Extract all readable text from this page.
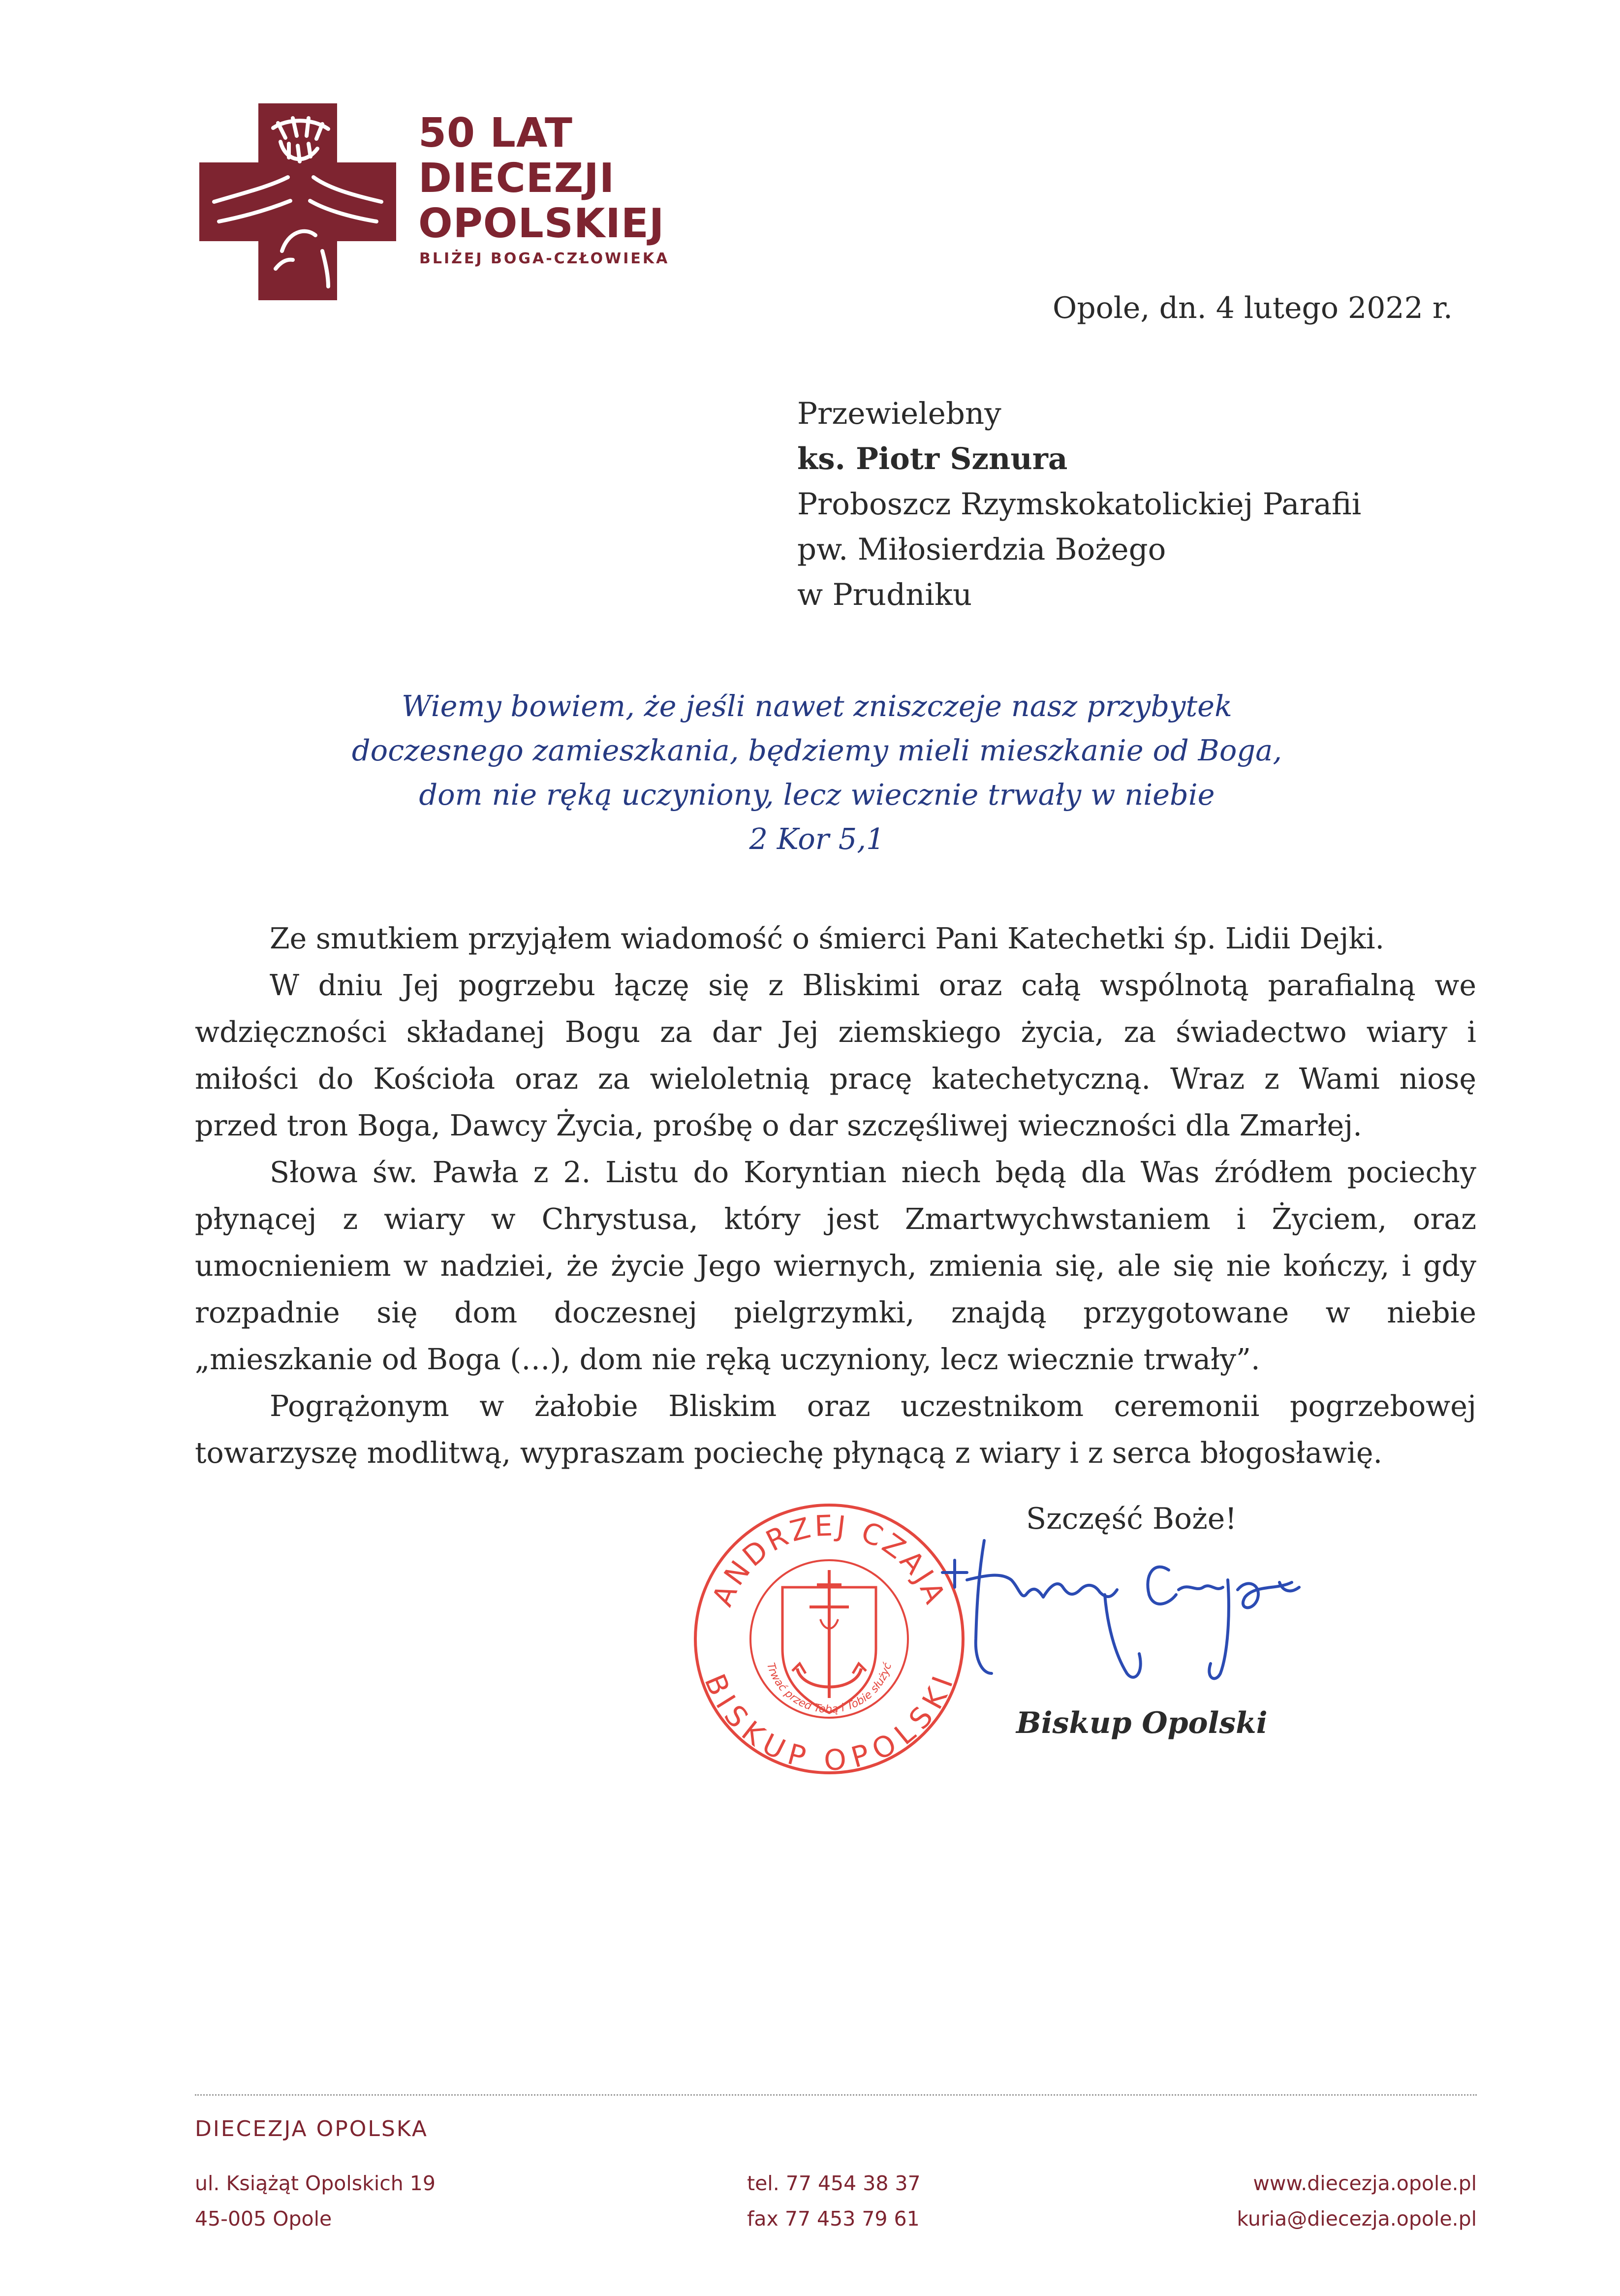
50 LAT
DIECEZJI
OPOLSKIEJ
BLIŻEJ BOGA-CZŁOWIEKA
Opole, dn. 4 lutego 2022 r.
Przewielebny
ks. Piotr Sznura
Proboszcz Rzymskokatolickiej Parafii
pw. Miłosierdzia Bożego
w Prudniku
Wiemy bowiem, że jeśli nawet zniszczeje nasz przybytek
doczesnego zamieszkania, będziemy mieli mieszkanie od Boga,
dom nie ręką uczyniony, lecz wiecznie trwały w niebie
2 Kor 5,1
Ze smutkiem przyjąłem wiadomość o śmierci Pani Katechetki śp. Lidii Dejki.
W dniu Jej pogrzebu łączę się z Bliskimi oraz całą wspólnotą parafialną we
wdzięczności składanej Bogu za dar Jej ziemskiego życia, za świadectwo wiary i
miłości do Kościoła oraz za wieloletnią pracę katechetyczną. Wraz z Wami niosę
przed tron Boga, Dawcy Życia, prośbę o dar szczęśliwej wieczności dla Zmarłej.
Słowa św. Pawła z 2. Listu do Koryntian niech będą dla Was źródłem pociechy
płynącej z wiary w Chrystusa, który jest Zmartwychwstaniem i Życiem, oraz
umocnieniem w nadziei, że życie Jego wiernych, zmienia się, ale się nie kończy, i gdy
rozpadnie się dom doczesnej pielgrzymki, znajdą przygotowane w niebie
„mieszkanie od Boga (…), dom nie ręką uczyniony, lecz wiecznie trwały”.
Pogrążonym w żałobie Bliskim oraz uczestnikom ceremonii pogrzebowej
towarzyszę modlitwą, wypraszam pociechę płynącą z wiary i z serca błogosławię.
Szczęść Boże!
ANDRZEJ CZAJA
BISKUP OPOLSKI
Trwać przed Tobą i Tobie służyć
Biskup Opolski
DIECEZJA OPOLSKA
ul. Książąt Opolskich 19
45-005 Opole
tel. 77 454 38 37
fax 77 453 79 61
www.diecezja.opole.pl
kuria@diecezja.opole.pl
